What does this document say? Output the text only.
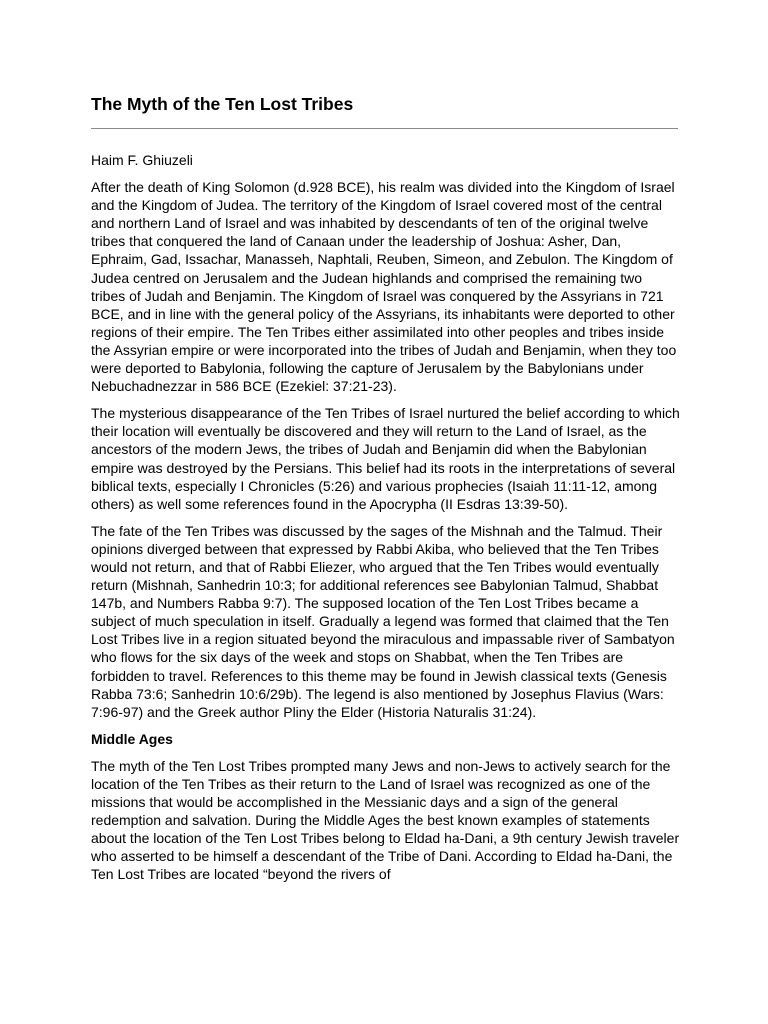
The Myth of the Ten Lost Tribes

Haim F. Ghiuzeli

After the death of King Solomon (d.928 BCE), his realm was divided into the Kingdom of Israel and the Kingdom of Judea. The territory of the Kingdom of Israel covered most of the central and northern Land of Israel and was inhabited by descendants of ten of the original twelve tribes that conquered the land of Canaan under the leadership of Joshua: Asher, Dan, Ephraim, Gad, Issachar, Manasseh, Naphtali, Reuben, Simeon, and Zebulon. The Kingdom of Judea centred on Jerusalem and the Judean highlands and comprised the remaining two tribes of Judah and Benjamin. The Kingdom of Israel was conquered by the Assyrians in 721 BCE, and in line with the general policy of the Assyrians, its inhabitants were deported to other regions of their empire. The Ten Tribes either assimilated into other peoples and tribes inside the Assyrian empire or were incorporated into the tribes of Judah and Benjamin, when they too were deported to Babylonia, following the capture of Jerusalem by the Babylonians under Nebuchadnezzar in 586 BCE (Ezekiel: 37:21-23).

The mysterious disappearance of the Ten Tribes of Israel nurtured the belief according to which their location will eventually be discovered and they will return to the Land of Israel, as the ancestors of the modern Jews, the tribes of Judah and Benjamin did when the Babylonian empire was destroyed by the Persians. This belief had its roots in the interpretations of several biblical texts, especially I Chronicles (5:26) and various prophecies (Isaiah 11:11-12, among others) as well some references found in the Apocrypha (II Esdras 13:39-50).

The fate of the Ten Tribes was discussed by the sages of the Mishnah and the Talmud. Their opinions diverged between that expressed by Rabbi Akiba, who believed that the Ten Tribes would not return, and that of Rabbi Eliezer, who argued that the Ten Tribes would eventually return (Mishnah, Sanhedrin 10:3; for additional references see Babylonian Talmud, Shabbat 147b, and Numbers Rabba 9:7). The supposed location of the Ten Lost Tribes became a subject of much speculation in itself. Gradually a legend was formed that claimed that the Ten Lost Tribes live in a region situated beyond the miraculous and impassable river of Sambatyon who flows for the six days of the week and stops on Shabbat, when the Ten Tribes are forbidden to travel. References to this theme may be found in Jewish classical texts (Genesis Rabba 73:6; Sanhedrin 10:6/29b). The legend is also mentioned by Josephus Flavius (Wars: 7:96-97) and the Greek author Pliny the Elder (Historia Naturalis 31:24).

Middle Ages

The myth of the Ten Lost Tribes prompted many Jews and non-Jews to actively search for the location of the Ten Tribes as their return to the Land of Israel was recognized as one of the missions that would be accomplished in the Messianic days and a sign of the general redemption and salvation. During the Middle Ages the best known examples of statements about the location of the Ten Lost Tribes belong to Eldad ha-Dani, a 9th century Jewish traveler who asserted to be himself a descendant of the Tribe of Dani. According to Eldad ha-Dani, the Ten Lost Tribes are located “beyond the rivers of
